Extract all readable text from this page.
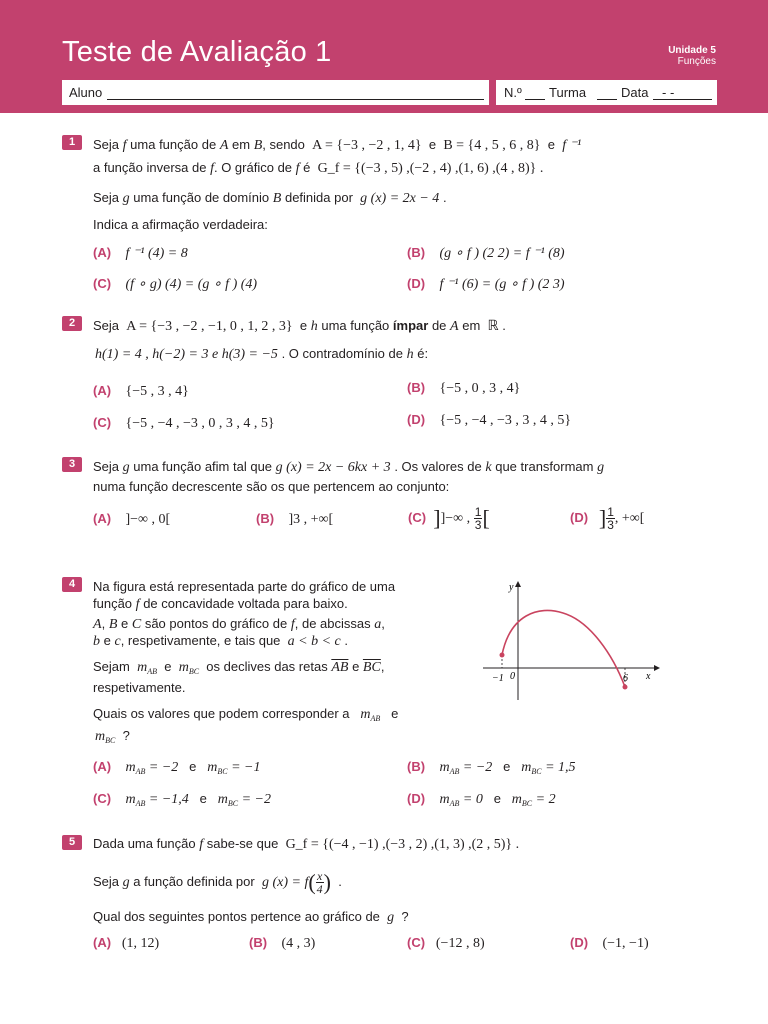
Teste de Avaliação 1	Unidade 5
Funções
Aluno	N.º Turma	Data - -
1	Seja f uma função de A em B, sendo A = {−3 , −2 , 1, 4} e B = {4 , 5 , 6 , 8} e f ⁻¹
a função inversa de f. O gráfico de f é G_f = {(−3 , 5) ,(−2 , 4) ,(1, 6) ,(4 , 8)} .
Seja g uma função de domínio B definida por g (x) = 2x − 4 .
Indica a afirmação verdadeira:
(A) f ⁻¹ (4) = 8	(B) (g ∘ f ) (2 2) = f ⁻¹ (8)
(C) (f ∘ g) (4) = (g ∘ f ) (4)	(D) f ⁻¹ (6) = (g ∘ f ) (2 3)
2	Seja A = {−3 , −2 , −1, 0 , 1, 2 , 3} e h uma função ímpar de A em ℝ .
h(1) = 4 , h(−2) = 3 e h(3) = −5 . O contradomínio de h é:
(A) {−5 , 3 , 4}	(B) {−5 , 0 , 3 , 4}
(C) {−5 , −4 , −3 , 0 , 3 , 4 , 5}	(D) {−5 , −4 , −3 , 3 , 4 , 5}
3	Seja g uma função afim tal que g (x) = 2x − 6kx + 3 . Os valores de k que transformam g
numa função decrescente são os que pertencem ao conjunto:
(A) ]−∞ , 0[	(B) ]3 , +∞[	(C) ]]−∞ , $\frac{1}{3}$ [	(D) ] $\frac{1}{3}$ , +∞[
4	Na figura está representada parte do gráfico de uma
função f de concavidade voltada para baixo.
A, B e C são pontos do gráfico de f, de abcissas a,
b e c, respetivamente, e tais que a < b < c .
Sejam $m_{AB}$ e $m_{BC}$ os declives das retas $\overline{AB}$ e $\overline{BC}$,
respetivamente.
Quais os valores que podem corresponder a $m_{AB}$ e
$m_{BC}$ ?
y
x
−1 0	6
(A) $m_{AB} = -2$ e $m_{BC} = -1$	(B) $m_{AB} = -2$ e $m_{BC} = 1,5$
(C) $m_{AB} = -1,4$ e $m_{BC} = -2$	(D) $m_{AB} = 0$ e $m_{BC} = 2$
5	Dada uma função f sabe-se que G_f = {(−4 , −1) ,(−3 , 2) ,(1, 3) ,(2 , 5)} .
Seja g a função definida por g $(x) = f( \frac{x}{4}$ ) .
Qual dos seguintes pontos pertence ao gráfico de g ?
(A) (1, 12)	(B) (4 , 3)	(C) (−12 , 8)	(D) (−1, −1)
